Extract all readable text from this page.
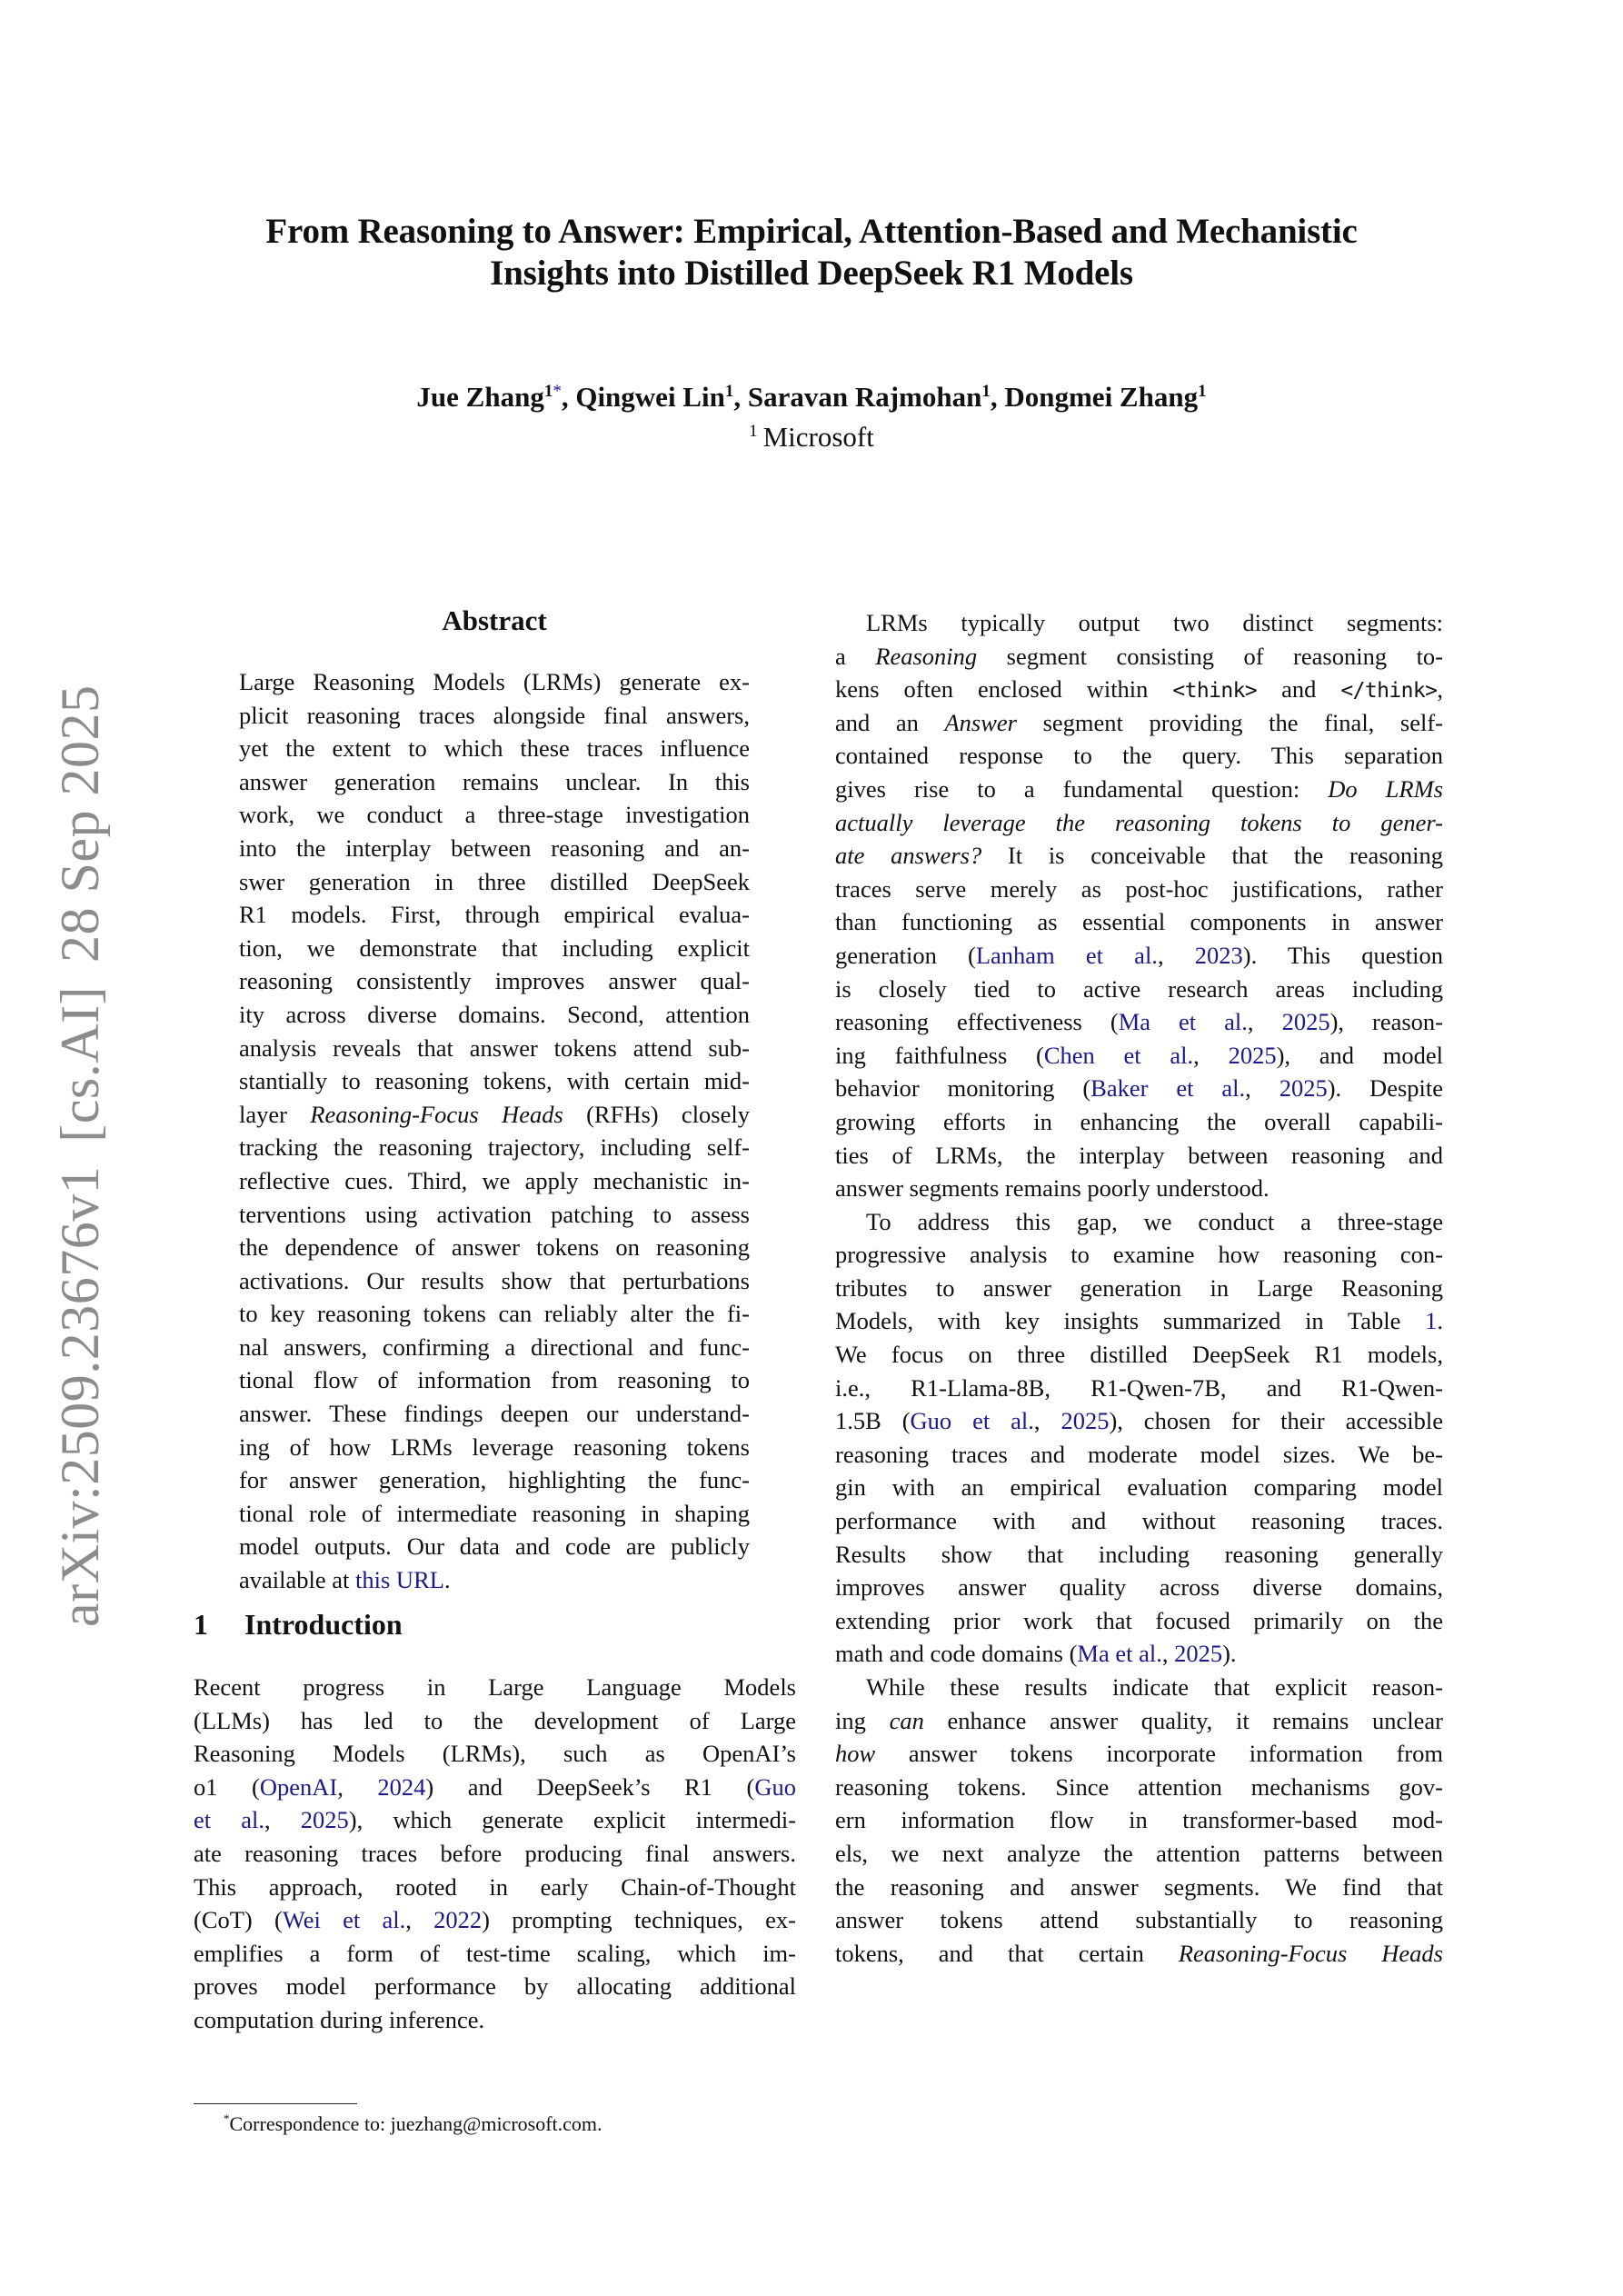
From Reasoning to Answer: Empirical, Attention-Based and Mechanistic
Insights into Distilled DeepSeek R1 Models
Jue Zhang$^{1*}$, Qingwei Lin$^1$, Saravan Rajmohan$^1$, Dongmei Zhang$^1$
$^1$ Microsoft
arXiv:2509.23676v1[cs.AI]28 Sep 2025
Abstract
Large Reasoning Models (LRMs) generate ex-
plicit reasoning traces alongside final answers,
yet the extent to which these traces influence
answer generation remains unclear. In this
work, we conduct a three-stage investigation
into the interplay between reasoning and an-
swer generation in three distilled DeepSeek
R1 models. First, through empirical evalua-
tion, we demonstrate that including explicit
reasoning consistently improves answer qual-
ity across diverse domains. Second, attention
analysis reveals that answer tokens attend sub-
stantially to reasoning tokens, with certain mid-
layer Reasoning-Focus Heads (RFHs) closely
tracking the reasoning trajectory, including self-
reflective cues. Third, we apply mechanistic in-
terventions using activation patching to assess
the dependence of answer tokens on reasoning
activations. Our results show that perturbations
to key reasoning tokens can reliably alter the fi-
nal answers, confirming a directional and func-
tional flow of information from reasoning to
answer. These findings deepen our understand-
ing of how LRMs leverage reasoning tokens
for answer generation, highlighting the func-
tional role of intermediate reasoning in shaping
model outputs. Our data and code are publicly
available at this URL.
1 Introduction
Recent progress in Large Language Models
(LLMs) has led to the development of Large
Reasoning Models (LRMs), such as OpenAI’s
o1 (OpenAI, 2024) and DeepSeek’s R1 (Guo
et al., 2025), which generate explicit intermedi-
ate reasoning traces before producing final answers.
This approach, rooted in early Chain-of-Thought
(CoT) (Wei et al., 2022) prompting techniques, ex-
emplifies a form of test-time scaling, which im-
proves model performance by allocating additional
computation during inference.
LRMs typically output two distinct segments:
a Reasoning segment consisting of reasoning to-
kens often enclosed within <think> and </think>,
and an Answer segment providing the final, self-
contained response to the query. This separation
gives rise to a fundamental question: Do LRMs
actually leverage the reasoning tokens to gener-
ate answers? It is conceivable that the reasoning
traces serve merely as post-hoc justifications, rather
than functioning as essential components in answer
generation (Lanham et al., 2023). This question
is closely tied to active research areas including
reasoning effectiveness (Ma et al., 2025), reason-
ing faithfulness (Chen et al., 2025), and model
behavior monitoring (Baker et al., 2025). Despite
growing efforts in enhancing the overall capabili-
ties of LRMs, the interplay between reasoning and
answer segments remains poorly understood.
To address this gap, we conduct a three-stage
progressive analysis to examine how reasoning con-
tributes to answer generation in Large Reasoning
Models, with key insights summarized in Table 1.
We focus on three distilled DeepSeek R1 models,
i.e., R1-Llama-8B, R1-Qwen-7B, and R1-Qwen-
1.5B (Guo et al., 2025), chosen for their accessible
reasoning traces and moderate model sizes. We be-
gin with an empirical evaluation comparing model
performance with and without reasoning traces.
Results show that including reasoning generally
improves answer quality across diverse domains,
extending prior work that focused primarily on the
math and code domains (Ma et al., 2025).
While these results indicate that explicit reason-
ing can enhance answer quality, it remains unclear
how answer tokens incorporate information from
reasoning tokens. Since attention mechanisms gov-
ern information flow in transformer-based mod-
els, we next analyze the attention patterns between
the reasoning and answer segments. We find that
answer tokens attend substantially to reasoning
tokens, and that certain Reasoning-Focus Heads
*Correspondence to: juezhang@microsoft.com.
